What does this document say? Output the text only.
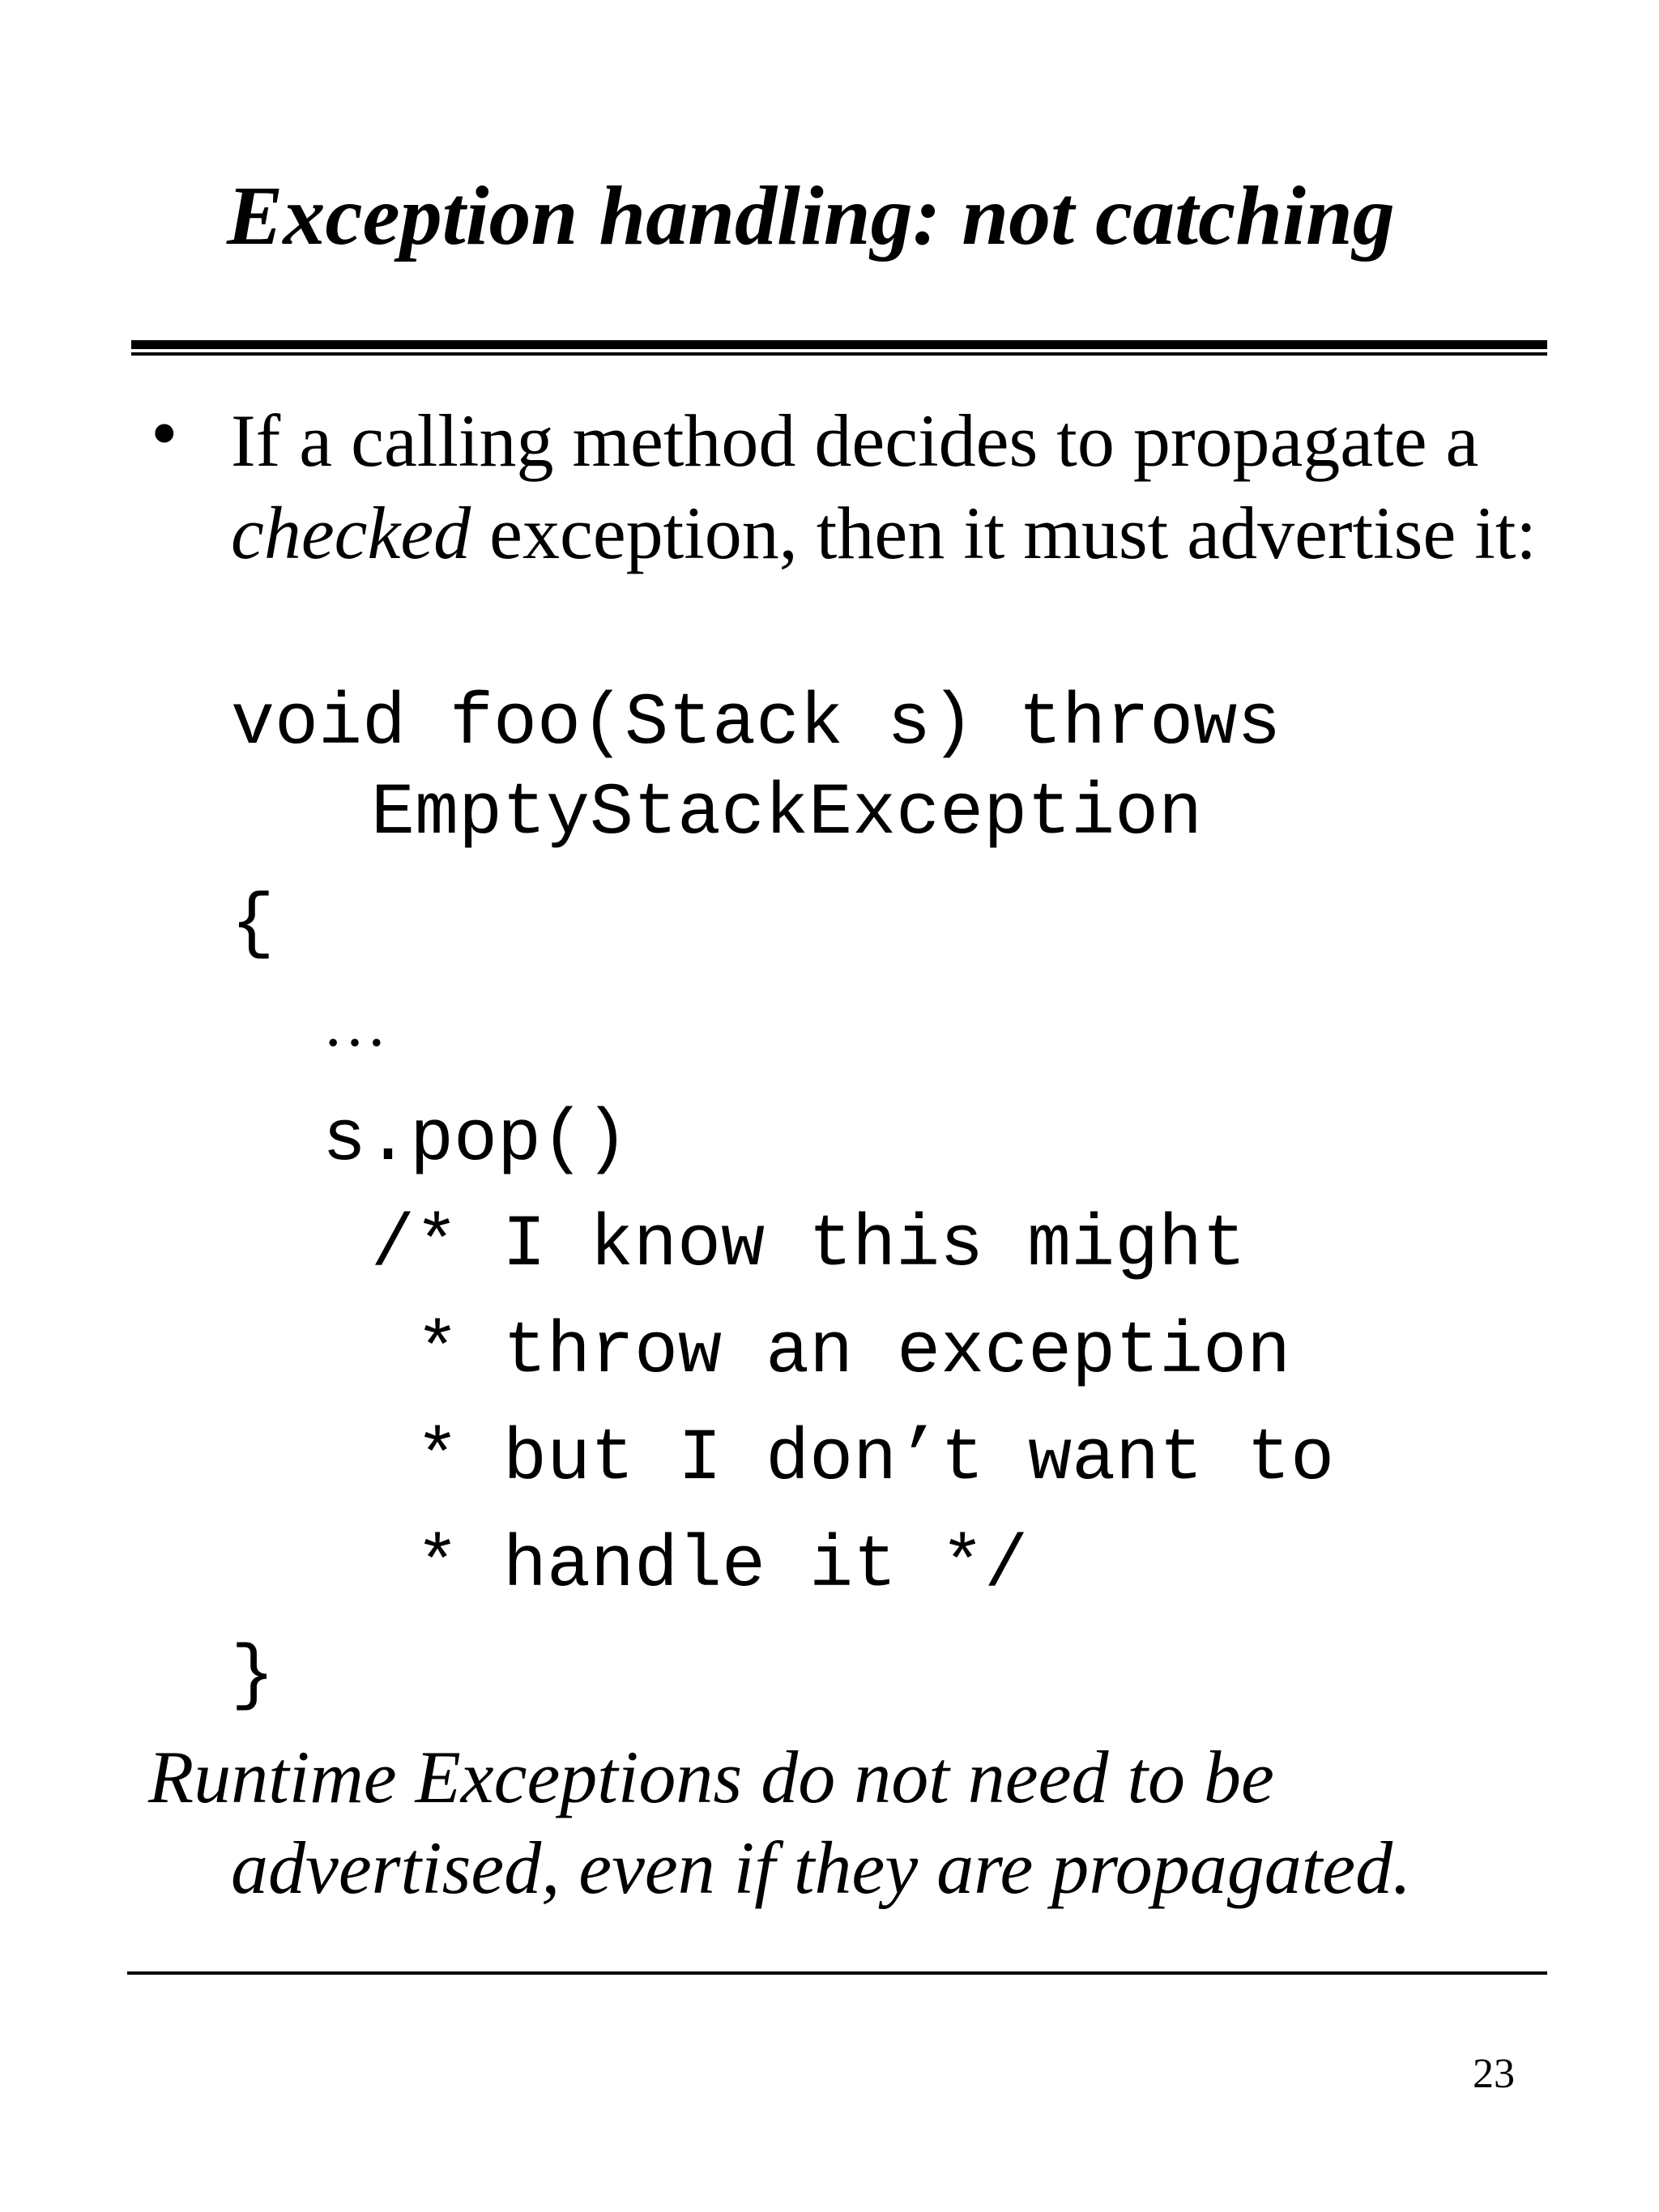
Exception handling: not catching
• If a calling method decides to propagate a checked exception, then it must advertise it:
void foo(Stack s) throws
EmptyStackException
{
…
s.pop()
/* I know this might
* throw an exception
* but I don’t want to
* handle it */
}
Runtime Exceptions do not need to be
advertised, even if they are propagated.
23
